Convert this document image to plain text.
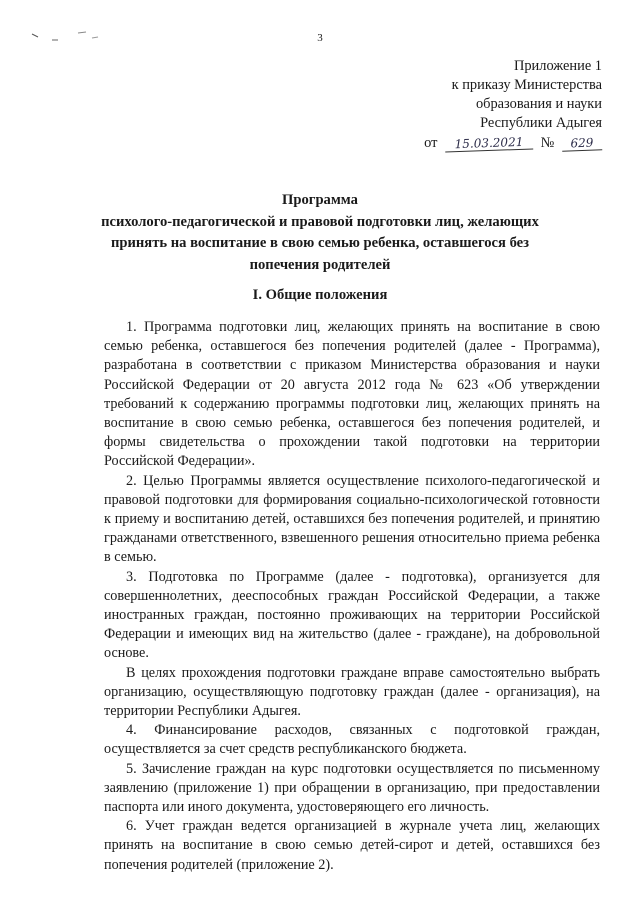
3
Приложение 1
к приказу Министерства
образования и науки
Республики Адыгея
от 15.03.2021 № 629
Программа
психолого-педагогической и правовой подготовки лиц, желающих
принять на воспитание в свою семью ребенка, оставшегося без
попечения родителей
I. Общие положения

1. Программа подготовки лиц, желающих принять на воспитание в свою семью ребенка, оставшегося без попечения родителей (далее - Программа), разработана в соответствии с приказом Министерства образования и науки Российской Федерации от 20 августа 2012 года № 623 «Об утверждении требований к содержанию программы подготовки лиц, желающих принять на воспитание в свою семью ребенка, оставшегося без попечения родителей, и формы свидетельства о прохождении такой подготовки на территории Российской Федерации».

2. Целью Программы является осуществление психолого-педагогической и правовой подготовки для формирования социально-психологической готовности к приему и воспитанию детей, оставшихся без попечения родителей, и принятию гражданами ответственного, взвешенного решения относительно приема ребенка в семью.

3. Подготовка по Программе (далее - подготовка), организуется для совершеннолетних, дееспособных граждан Российской Федерации, а также иностранных граждан, постоянно проживающих на территории Российской Федерации и имеющих вид на жительство (далее - граждане), на добровольной основе.

В целях прохождения подготовки граждане вправе самостоятельно выбрать организацию, осуществляющую подготовку граждан (далее - организация), на территории Республики Адыгея.

4. Финансирование расходов, связанных с подготовкой граждан, осуществляется за счет средств республиканского бюджета.

5. Зачисление граждан на курс подготовки осуществляется по письменному заявлению (приложение 1) при обращении в организацию, при предоставлении паспорта или иного документа, удостоверяющего его личность.

6. Учет граждан ведется организацией в журнале учета лиц, желающих принять на воспитание в свою семью детей-сирот и детей, оставшихся без попечения родителей (приложение 2).
